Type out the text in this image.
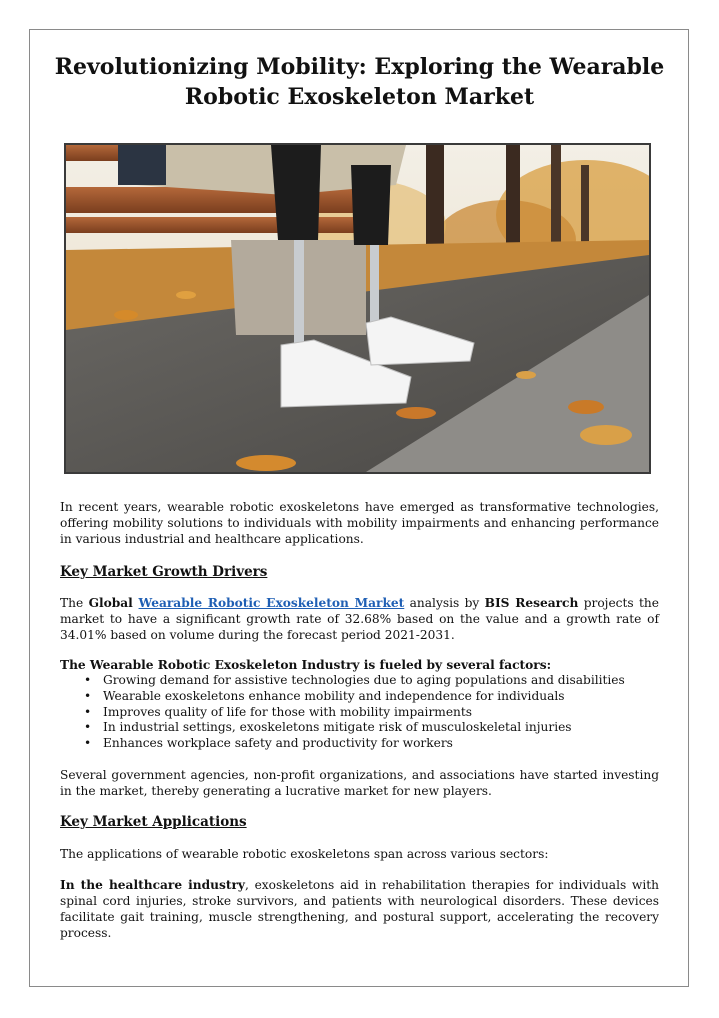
Revolutionizing Mobility: Exploring the Wearable
Robotic Exoskeleton Market

In recent years, wearable robotic exoskeletons have emerged as transformative technologies, offering mobility solutions to individuals with mobility impairments and enhancing performance in various industrial and healthcare applications.

Key Market Growth Drivers

The Global Wearable Robotic Exoskeleton Market analysis by BIS Research projects the market to have a significant growth rate of 32.68% based on the value and a growth rate of 34.01% based on volume during the forecast period 2021-2031.

The Wearable Robotic Exoskeleton Industry is fueled by several factors:

• Growing demand for assistive technologies due to aging populations and disabilities
• Wearable exoskeletons enhance mobility and independence for individuals
• Improves quality of life for those with mobility impairments
• In industrial settings, exoskeletons mitigate risk of musculoskeletal injuries
• Enhances workplace safety and productivity for workers

Several government agencies, non-profit organizations, and associations have started investing in the market, thereby generating a lucrative market for new players.

Key Market Applications

The applications of wearable robotic exoskeletons span across various sectors:

In the healthcare industry, exoskeletons aid in rehabilitation therapies for individuals with spinal cord injuries, stroke survivors, and patients with neurological disorders. These devices facilitate gait training, muscle strengthening, and postural support, accelerating the recovery process.
